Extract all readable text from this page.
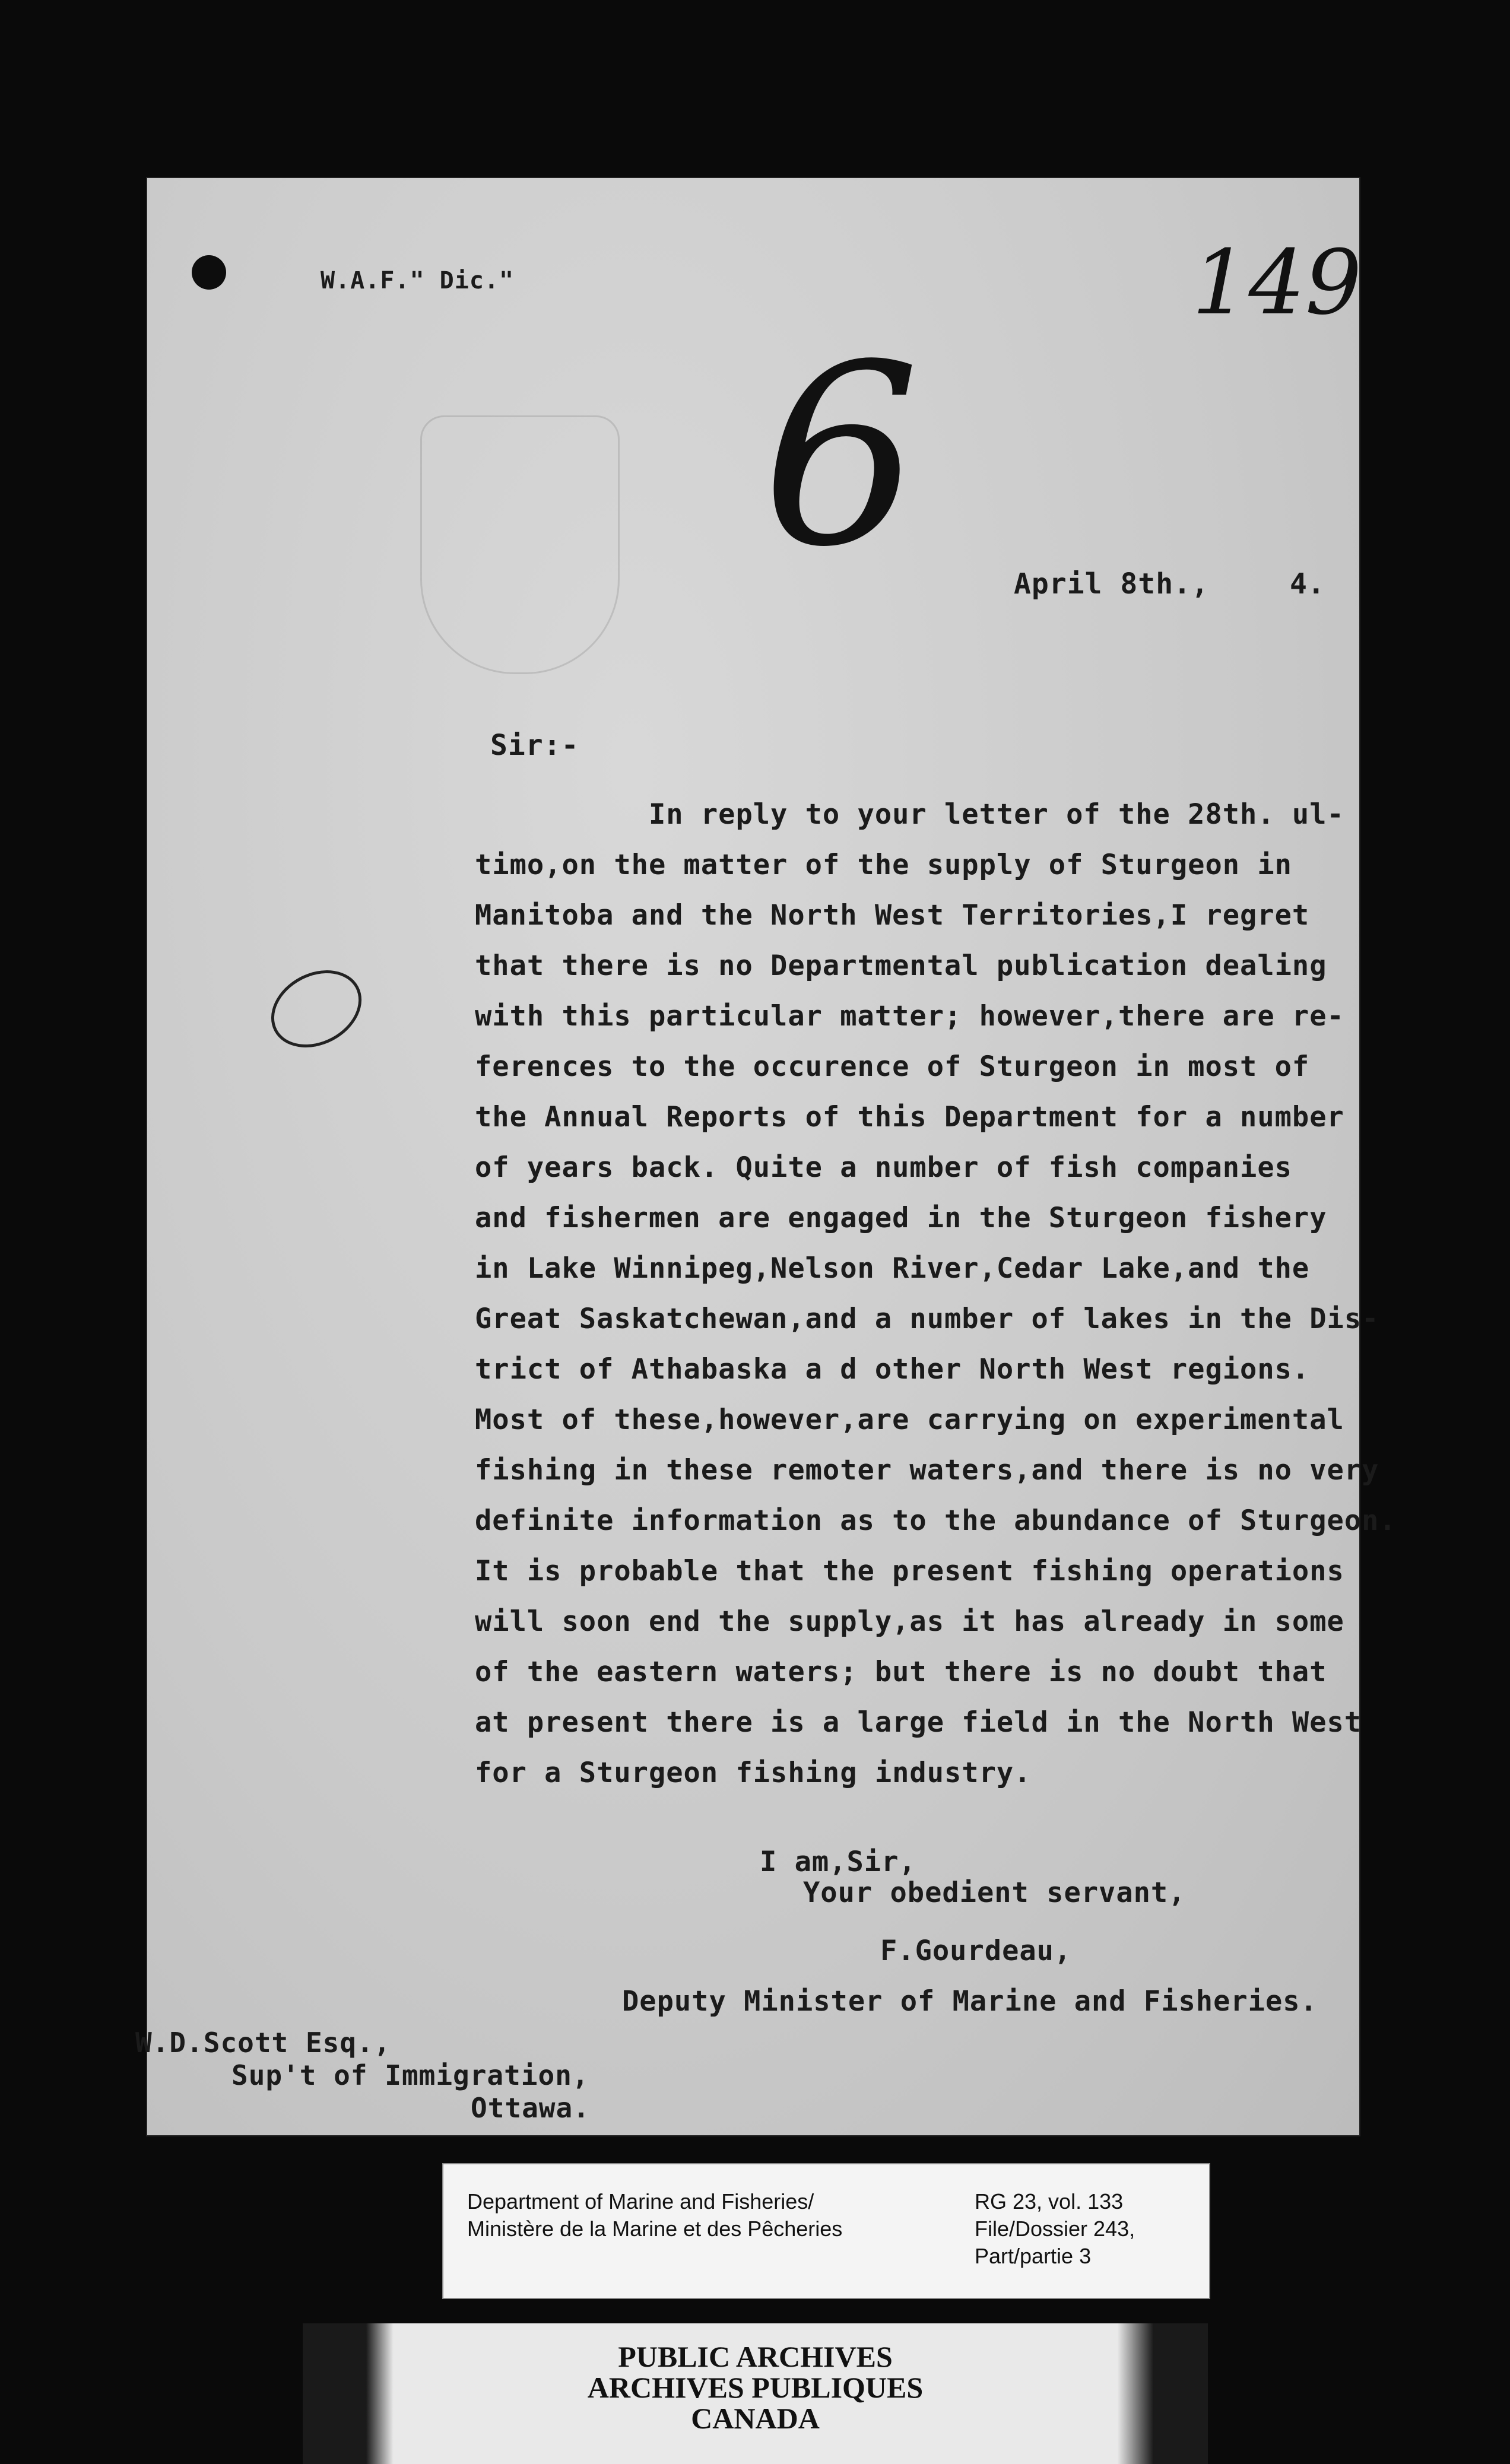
W.A.F." Dic."	149
6	April 8th.,	4.
Sir:-
In reply to your letter of the 28th. ul-
timo,on the matter of the supply of Sturgeon in
Manitoba and the North West Territories,I regret
that there is no Departmental publication dealing
with this particular matter; however,there are re-
ferences to the occurence of Sturgeon in most of
the Annual Reports of this Department for a number
of years back. Quite a number of fish companies
and fishermen are engaged in the Sturgeon fishery
in Lake Winnipeg,Nelson River,Cedar Lake,and the
Great Saskatchewan,and a number of lakes in the Dis-
trict of Athabaska a d other North West regions.
Most of these,however,are carrying on experimental
fishing in these remoter waters,and there is no very
definite information as to the abundance of Sturgeon.
It is probable that the present fishing operations
will soon end the supply,as it has already in some
of the eastern waters; but there is no doubt that
at present there is a large field in the North West
for a Sturgeon fishing industry.
I am,Sir,
Your obedient servant,
F.Gourdeau,
Deputy Minister of Marine and Fisheries.
W.D.Scott Esq.,
Sup't of Immigration,
Ottawa.
Department of Marine and Fisheries/
Ministère de la Marine et des Pêcheries
RG 23, vol. 133
File/Dossier 243,
Part/partie 3
PUBLIC ARCHIVES
ARCHIVES PUBLIQUES
CANADA
